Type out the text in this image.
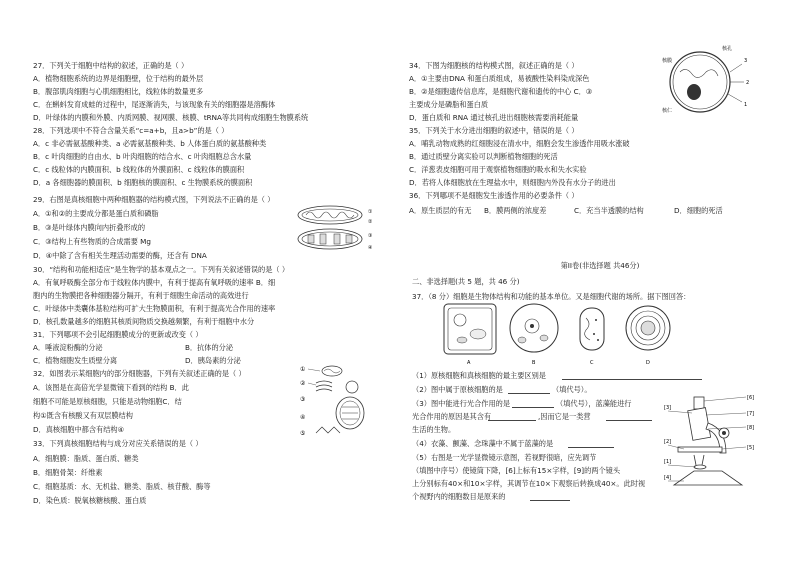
27．下列关于细胞中结构的叙述，正确的是（ ）
A．植物细胞系统的边界是细胞壁，位于结构的最外层
B．腹部肌肉细胞与心肌细胞相比，线粒体的数量更多
C．在蝌蚪发育成蛙的过程中，尾逐渐消失，与该现象有关的细胞器是溶酶体
D．叶绿体的内膜和外膜、内质网膜、视网膜、核膜、tRNA等共同构成细胞生物膜系统
28．下列选项中不符合含量关系“c=a+b，且a>b”的是（ ）
A．c 非必需氨基酸种类、a 必需氨基酸种类、b 人体蛋白质的氨基酸种类
B．c 叶肉细胞的自由水、b 叶肉细胞的结合水、c 叶肉细胞总含水量
C．c 线粒体的内膜面积、b 线粒体的外膜面积、c 线粒体的膜面积
D．a 各细胞器的膜面积、b 细胞核的膜面积、c 生物膜系统的膜面积
29．右图是真核细胞中两种细胞器的结构模式图，下列说法不正确的是（ ）
A．①和②的主要成分都是蛋白质和磷脂
B．③是叶绿体内膜向内折叠形成的
C．③结构上有些物质的合成需要 Mg
D．④中除了含有相关生理活动需要的酶，还含有 DNA
30．“结构和功能相适应”是生物学的基本观点之一。下列有关叙述错误的是（ ）
A．有氧呼吸酶全部分布于线粒体内膜中，有利于提高有氧呼吸的速率 B．细
胞内的生物膜把各种细胞器分隔开，有利于细胞生命活动的高效进行
C．叶绿体中类囊体基粒结构可扩大生物膜面积，有利于提高光合作用的速率
D．核孔数量越多的细胞其核质间物质交换越频繁，有利于细胞中水分
31．下列哪项不会引起细胞膜成分的更新或改变（ ）
A．唾液淀粉酶的分泌	B．抗体的分泌
C．植物细胞发生质壁分离	D．胰岛素的分泌
32．如图表示某细胞内的部分细胞器，下列有关叙述正确的是（ ）
A．该图是在高倍光学显微镜下看到的结构 B．此
细胞不可能是原核细胞，只能是动物细胞C．结
构①既含有核酸又有双层膜结构
D．真核细胞中都含有结构④
33．下列真核细胞结构与成分对应关系错误的是（ ）
A．细胞膜：脂质、蛋白质、糖类
B．细胞骨架：纤维素
C．细胞基质：水、无机盐、糖类、脂质、核苷酸、酶等
D．染色质：脱氧核糖核酸、蛋白质
34．下图为细胞核的结构模式图，叙述正确的是（ ）
A．①主要由DNA 和蛋白质组成，易被酸性染料染成深色
B．②是细胞遗传信息库，是细胞代谢和遗传的中心 C．③
主要成分是磷脂和蛋白质
D．蛋白质和 RNA 通过核孔进出细胞核需要消耗能量
35．下列关于水分进出细胞的叙述中，错误的是（ ）
A．哺乳动物成熟的红细胞浸在清水中，细胞会发生渗透作用吸水涨破
B．通过质壁分离实验可以判断植物细胞的死活
C．洋葱表皮细胞可用于观察植物细胞的吸水和失水实验
D．若将人体细胞放在生理盐水中，则细胞内外没有水分子的进出
36．下列哪项不是细胞发生渗透作用的必要条件（ ）
A．原生质层的有无 B．膜两侧的浓度差	C．充当半透膜的结构	D．细胞的死活
二、非选择题(共 5 题，共 46 分)
37．（8 分）细胞是生物体结构和功能的基本单位。又是细胞代谢的场所。据下图回答：
（1）原核细胞和真核细胞的最主要区别是
（2）图中属于原核细胞的是	（填代号）。
（3）图中能进行光合作用的是	（填代号），蓝藻能进行
光合作用的原因是其含有	,因而它是一类营
生活的生物。
（4）衣藻、颤藻、念珠藻中不属于蓝藻的是
（5）右图是一光学显微镜示意图，若视野很暗，应先调节
（填图中序号）使镜筒下降，[6]上标有15×字样，[9]的两个镜头
上分别标有40×和10×字样，其调节在10×下观察后转换成40×。此时视
个视野内的细胞数目是原来的
第II卷(非选择题 共46分)
①
②
③
④
①
②
③
④
⑤
3
2
1
核孔
核仁
核膜
A	B	C	D
[6]
[7]
[8]
[5]
[3]
[2]
[1]
[4]
